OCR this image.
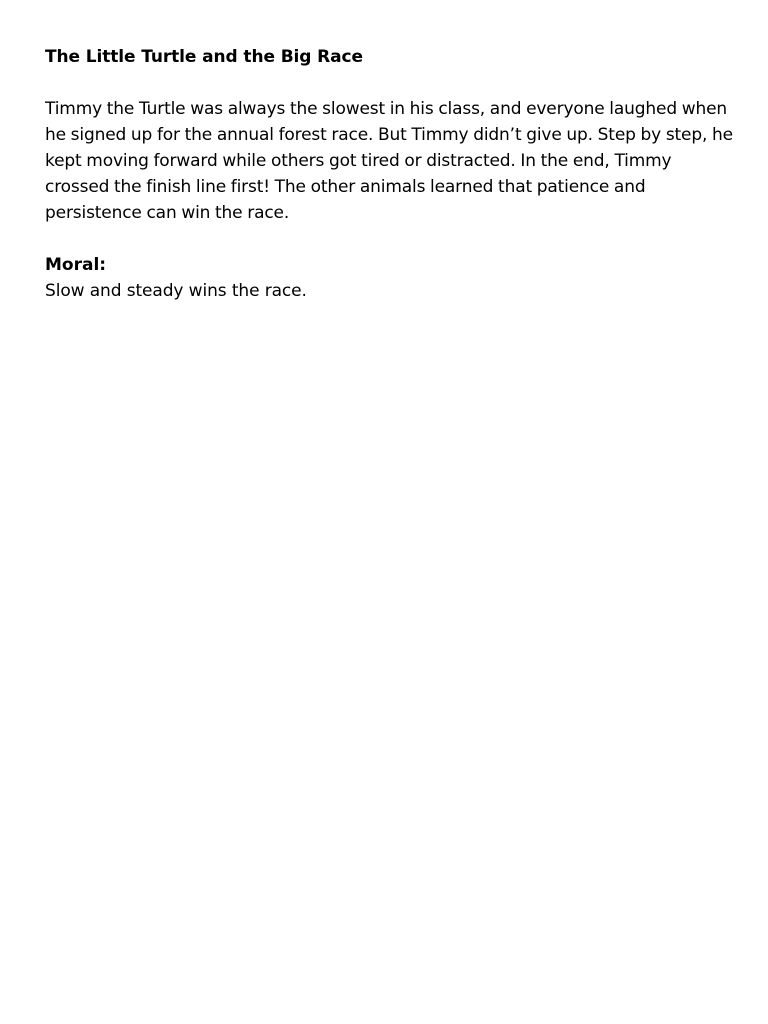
The Little Turtle and the Big Race

Timmy the Turtle was always the slowest in his class, and everyone laughed when he signed up for the annual forest race. But Timmy didn’t give up. Step by step, he kept moving forward while others got tired or distracted. In the end, Timmy crossed the finish line first! The other animals learned that patience and persistence can win the race.

Moral:

Slow and steady wins the race.
